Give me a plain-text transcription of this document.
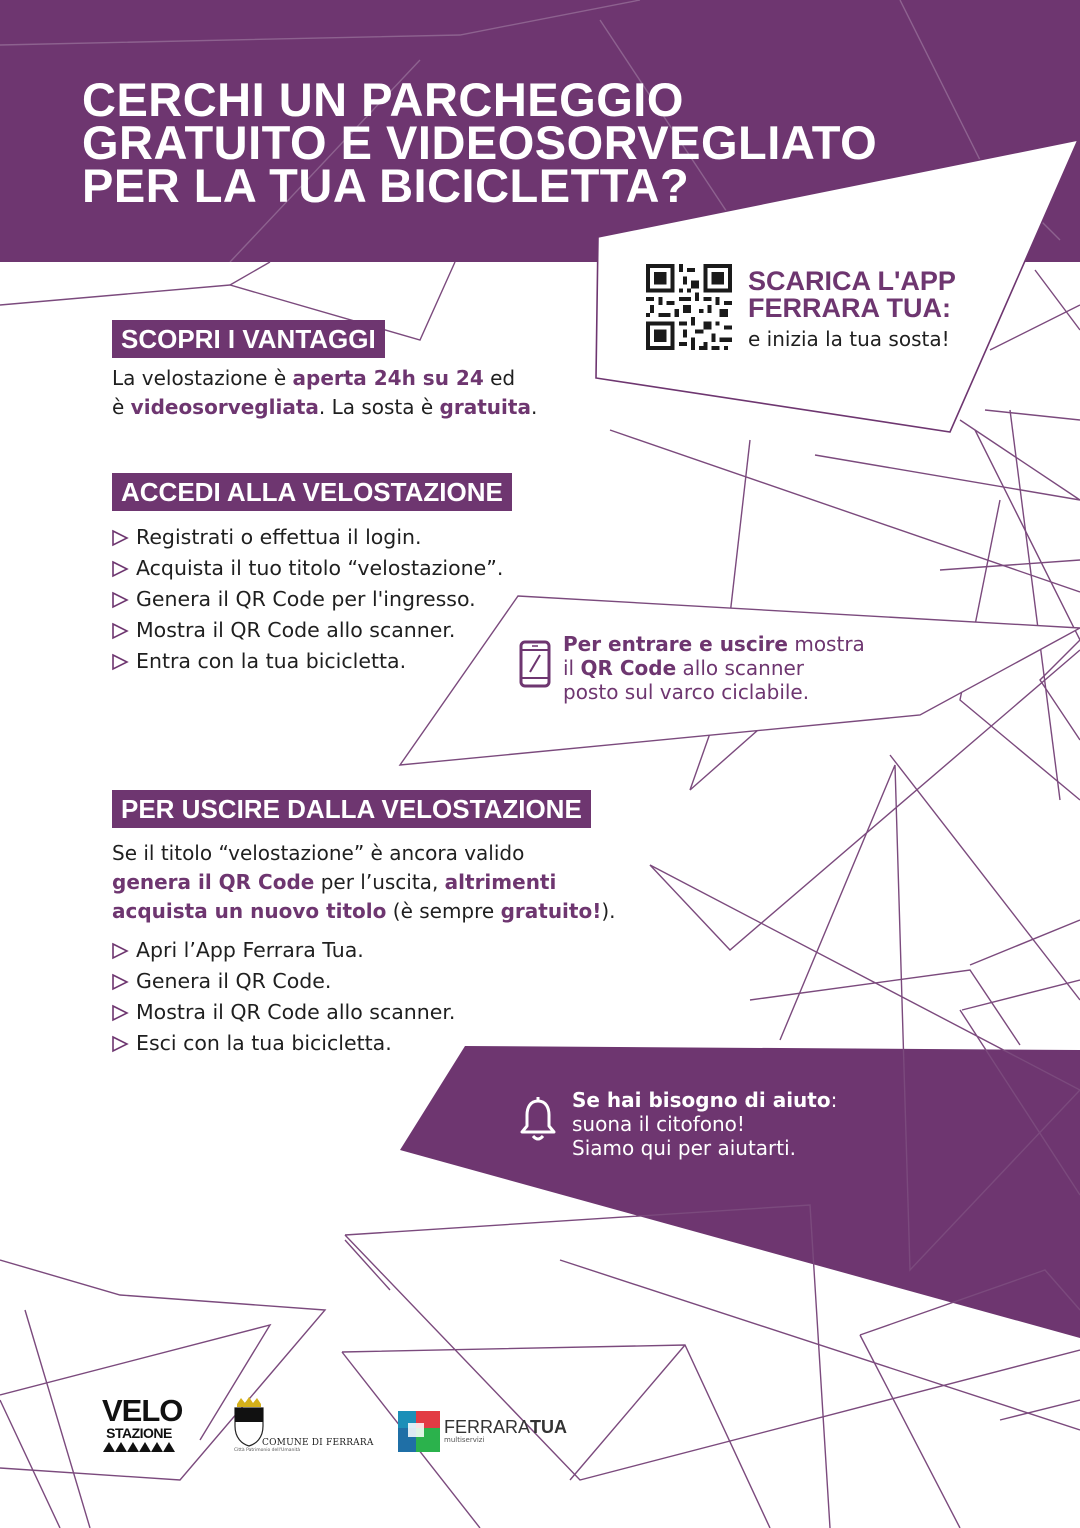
CERCHI UN PARCHEGGIO
GRATUITO E VIDEOSORVEGLIATO
PER LA TUA BICICLETTA?
SCARICA L'APP
FERRARA TUA:
e inizia la tua sosta!
SCOPRI I VANTAGGI
La velostazione è aperta 24h su 24 ed
è videosorvegliata. La sosta è gratuita.
ACCEDI ALLA VELOSTAZIONE
Registrati o effettua il login.
Acquista il tuo titolo “velostazione”.
Genera il QR Code per l'ingresso.
Mostra il QR Code allo scanner.
Entra con la tua bicicletta.
Per entrare e uscire mostra
il QR Code allo scanner
posto sul varco ciclabile.
PER USCIRE DALLA VELOSTAZIONE
Se il titolo “velostazione” è ancora valido
genera il QR Code per l’uscita, altrimenti
acquista un nuovo titolo (è sempre gratuito!).
Apri l’App Ferrara Tua.
Genera il QR Code.
Mostra il QR Code allo scanner.
Esci con la tua bicicletta.
Se hai bisogno di aiuto:
suona il citofono!
Siamo qui per aiutarti.
VELO
STAZIONE
COMUNE DI FERRARA
Città Patrimonio dell'Umanità
FERRARATUA
multiservizi
